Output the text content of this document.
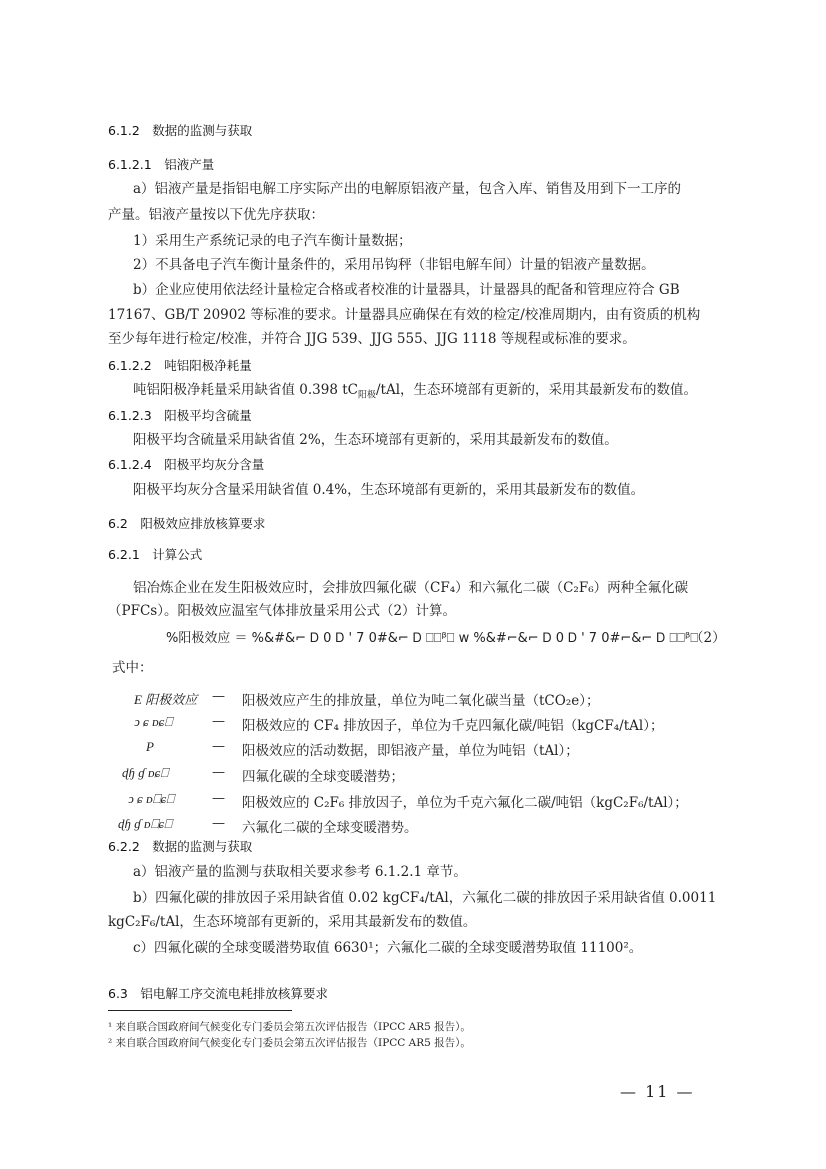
6.1.2　数据的监测与获取
6.1.2.1　铝液产量
a）铝液产量是指铝电解工序实际产出的电解原铝液产量，包含入库、销售及用到下一工序的
产量。铝液产量按以下优先序获取：
1）采用生产系统记录的电子汽车衡计量数据；
2）不具备电子汽车衡计量条件的，采用吊钩秤（非铝电解车间）计量的铝液产量数据。
b）企业应使用依法经计量检定合格或者校准的计量器具，计量器具的配备和管理应符合 GB
17167、GB/T 20902 等标准的要求。计量器具应确保在有效的检定/校准周期内，由有资质的机构
至少每年进行检定/校准，并符合 JJG 539、JJG 555、JJG 1118 等规程或标准的要求。
6.1.2.2　吨铝阳极净耗量
吨铝阳极净耗量采用缺省值 0.398 $tC_{阳极}$/tAl，生态环境部有更新的，采用其最新发布的数值。
6.1.2.3　阳极平均含硫量
阳极平均含硫量采用缺省值 2%，生态环境部有更新的，采用其最新发布的数值。
6.1.2.4　阳极平均灰分含量
阳极平均灰分含量采用缺省值 0.4%，生态环境部有更新的，采用其最新发布的数值。
6.2　阳极效应排放核算要求
6.2.1　计算公式
铝冶炼企业在发生阳极效应时，会排放四氟化碳（CF₄）和六氟化二碳（C₂F₆）两种全氟化碳
（PFCs）。阳极效应温室气体排放量采用公式（2）计算。
%阳极效应 ＝ %&#&⌐ Ꭰ 0 Ꭰ ' 7 0#&⌐ Ꭰ ⎕⎕ᵝ⎕ w %&#⌐&⌐ Ꭰ 0 Ꭰ ' 7 0#⌐&⌐ Ꭰ ⎕⎕ᵝ⎕
（2）
式中：
E 阳极效应 — 阳极效应产生的排放量，单位为吨二氧化碳当量（tCO₂e）；
ↄ ɕ ᴅɕ⎕	— 阳极效应的 CF₄ 排放因子，单位为千克四氟化碳/吨铝（kgCF₄/tAl）；
P	— 阳极效应的活动数据，即铝液产量，单位为吨铝（tAl）；
ɖɧ ɠ ᴅɕ⎕	— 四氟化碳的全球变暖潜势；
ↄ ɕ ᴅ⎕ɕ⎕	— 阳极效应的 C₂F₆ 排放因子，单位为千克六氟化二碳/吨铝（kgC₂F₆/tAl）；
ɖɧ ɠ ᴅ⎕ɕ⎕	— 六氟化二碳的全球变暖潜势。
6.2.2　数据的监测与获取
a）铝液产量的监测与获取相关要求参考 6.1.2.1 章节。
b）四氟化碳的排放因子采用缺省值 0.02 kgCF₄/tAl，六氟化二碳的排放因子采用缺省值 0.0011
kgC₂F₆/tAl，生态环境部有更新的，采用其最新发布的数值。
c）四氟化碳的全球变暖潜势取值 6630¹；六氟化二碳的全球变暖潜势取值 11100²。
6.3　铝电解工序交流电耗排放核算要求
¹ 来自联合国政府间气候变化专门委员会第五次评估报告（IPCC AR5 报告）。
² 来自联合国政府间气候变化专门委员会第五次评估报告（IPCC AR5 报告）。
— 11 —
